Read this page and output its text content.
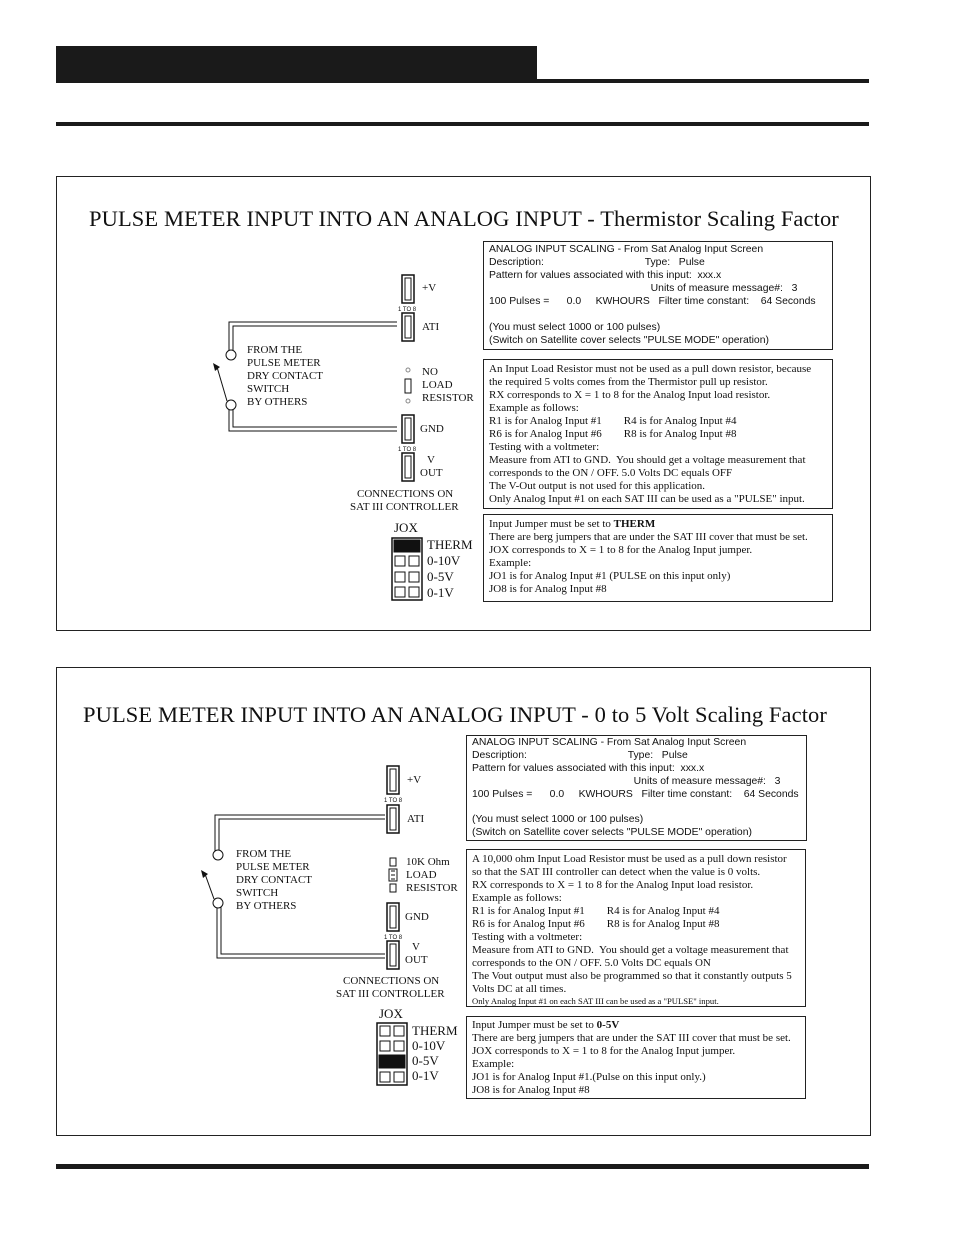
PULSE METER INPUT INTO AN ANALOG INPUT - Thermistor Scaling Factor
ANALOG INPUT SCALING - From Sat Analog Input Screen
Description:                                   Type:   Pulse
Pattern for values associated with this input:  xxx.x
Units of measure message#:   3
100 Pulses =      0.0     KWHOURS   Filter time constant:    64 Seconds
(You must select 1000 or 100 pulses)
(Switch on Satellite cover selects "PULSE MODE" operation)
An Input Load Resistor must not be used as a pull down resistor, because
the required 5 volts comes from the Thermistor pull up resistor.
RX corresponds to X = 1 to 8 for the Analog Input load resistor.
Example as follows:
R1 is for Analog Input #1        R4 is for Analog Input #4
R6 is for Analog Input #6        R8 is for Analog Input #8
Testing with a voltmeter:
Measure from ATI to GND.  You should get a voltage measurement that
corresponds to the ON / OFF. 5.0 Volts DC equals OFF
The V-Out output is not used for this application.
Only Analog Input #1 on each SAT III can be used as a "PULSE" input.
Input Jumper must be set to THERM
There are berg jumpers that are under the SAT III cover that must be set.
JOX corresponds to X = 1 to 8 for the Analog Input jumper.
Example:
JO1 is for Analog Input #1 (PULSE on this input only)
JO8 is for Analog Input #8
1 TO 8
1 TO 8
+V
ATI
GND
V
OUT
NO
LOAD
RESISTOR
FROM THE
PULSE METER
DRY CONTACT
SWITCH
BY OTHERS
CONNECTIONS ON
SAT III CONTROLLER
JOX
THERM
0-10V
0-5V
0-1V
PULSE METER INPUT INTO AN ANALOG INPUT - 0 to 5 Volt Scaling Factor
ANALOG INPUT SCALING - From Sat Analog Input Screen
Description:                                   Type:   Pulse
Pattern for values associated with this input:  xxx.x
Units of measure message#:   3
100 Pulses =      0.0     KWHOURS   Filter time constant:    64 Seconds
(You must select 1000 or 100 pulses)
(Switch on Satellite cover selects "PULSE MODE" operation)
A 10,000 ohm Input Load Resistor must be used as a pull down resistor
so that the SAT III controller can detect when the value is 0 volts.
RX corresponds to X = 1 to 8 for the Analog Input load resistor.
Example as follows:
R1 is for Analog Input #1        R4 is for Analog Input #4
R6 is for Analog Input #6        R8 is for Analog Input #8
Testing with a voltmeter:
Measure from ATI to GND.  You should get a voltage measurement that
corresponds to the ON / OFF. 5.0 Volts DC equals ON
The Vout output must also be programmed so that it constantly outputs 5
Volts DC at all times.
Only Analog Input #1 on each SAT III can be used as a "PULSE" input.
Input Jumper must be set to 0-5V
There are berg jumpers that are under the SAT III cover that must be set.
JOX corresponds to X = 1 to 8 for the Analog Input jumper.
Example:
JO1 is for Analog Input #1.(Pulse on this input only.)
JO8 is for Analog Input #8
1 TO 8
1 TO 8
+V
ATI
GND
V
OUT
10K Ohm
LOAD
RESISTOR
FROM THE
PULSE METER
DRY CONTACT
SWITCH
BY OTHERS
CONNECTIONS ON
SAT III CONTROLLER
JOX
THERM
0-10V
0-5V
0-1V
